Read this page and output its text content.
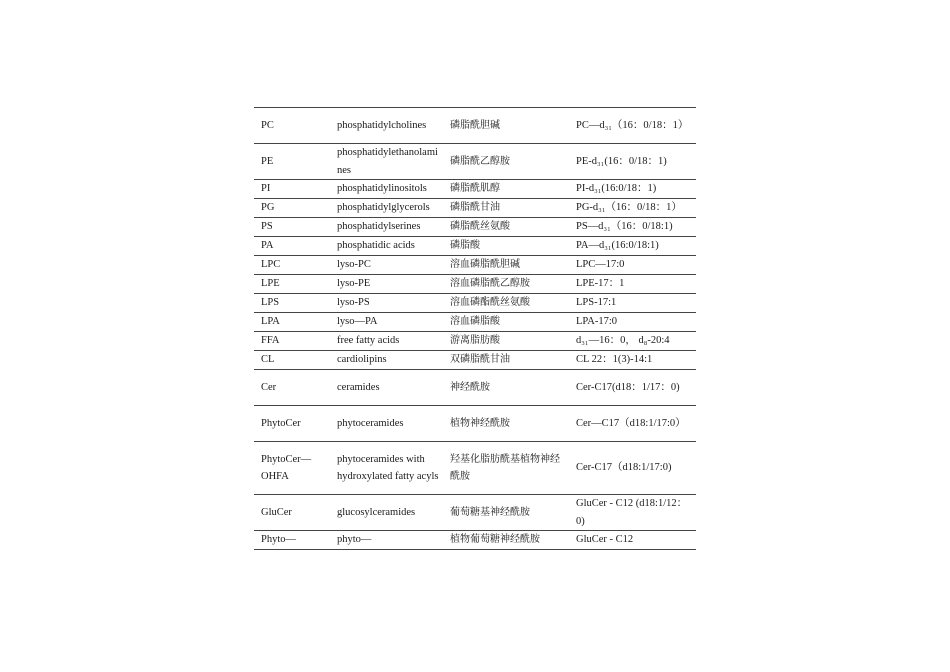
PC	phosphatidylcholines	磷脂酰胆碱	PC—d₃₁（16：0/18：1）
PE	phosphatidylethanolamines	磷脂酰乙醇胺	PE-d₃₁(16：0/18：1)
PI	phosphatidylinositols	磷脂酰肌醇	PI-d₃₁(16:0/18：1)
PG	phosphatidylglycerols	磷脂酰甘油	PG-d₃₁（16：0/18：1）
PS	phosphatidylserines	磷脂酰丝氨酸	PS—d₃₁（16：0/18:1)
PA	phosphatidic acids	磷脂酸	PA—d₃₁(16:0/18:1)
LPC	lyso-PC	溶血磷脂酰胆碱	LPC—17:0
LPE	lyso-PE	溶血磷脂酰乙醇胺	LPE-17：1
LPS	lyso-PS	溶血磷酯酰丝氨酸	LPS-17:1
LPA	lyso—PA	溶血磷脂酸	LPA-17:0
FFA	free fatty acids	游离脂肪酸	d₃₁—16：0， d₈-20:4
CL	cardiolipins	双磷脂酰甘油	CL 22：1(3)-14:1
Cer	ceramides	神经酰胺	Cer-C17(d18：1/17：0)
PhytoCer	phytoceramides	植物神经酰胺	Cer—C17（d18:1/17:0）
PhytoCer—OHFA	phytoceramides with hydroxylated fatty acyls	羟基化脂肪酰基植物神经酰胺	Cer-C17（d18:1/17:0)
GluCer	glucosylceramides	葡萄糖基神经酰胺	GluCer - C12 (d18:1/12：0)
Phyto—	phyto—	植物葡萄糖神经酰胺	GluCer - C12
